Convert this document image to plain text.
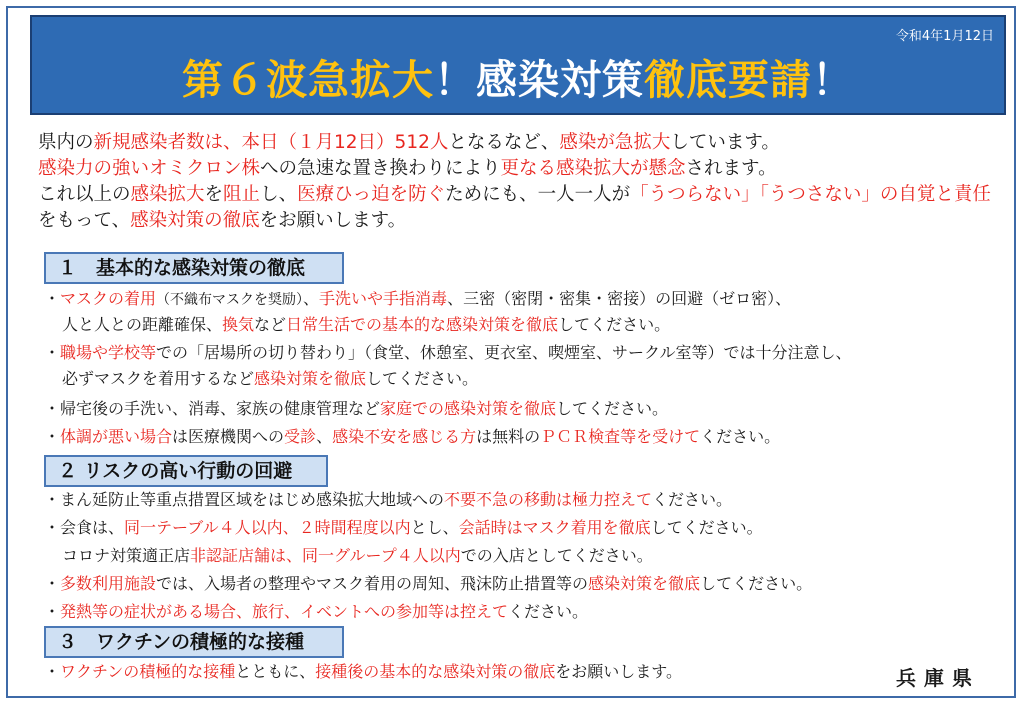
令和4年1月12日
第６波急拡大！感染対策徹底要請！
県内の新規感染者数は、本日（１月12日）512人となるなど、感染が急拡大しています。
感染力の強いオミクロン株への急速な置き換わりにより更なる感染拡大が懸念されます。
これ以上の感染拡大を阻止し、医療ひっ迫を防ぐためにも、一人一人が「うつらない」「うつさない」の自覚と責任をもって、感染対策の徹底をお願いします。
１　基本的な感染対策の徹底
・マスクの着用（不織布マスクを奨励）、手洗いや手指消毒、三密（密閉・密集・密接）の回避（ゼロ密）、
人と人との距離確保、換気など日常生活での基本的な感染対策を徹底してください。
・職場や学校等での「居場所の切り替わり」（食堂、休憩室、更衣室、喫煙室、サークル室等）では十分注意し、
必ずマスクを着用するなど感染対策を徹底してください。
・帰宅後の手洗い、消毒、家族の健康管理など家庭での感染対策を徹底してください。
・体調が悪い場合は医療機関への受診、感染不安を感じる方は無料のＰＣＲ検査等を受けてください。
２ リスクの高い行動の回避
・まん延防止等重点措置区域をはじめ感染拡大地域への不要不急の移動は極力控えてください。
・会食は、同一テーブル４人以内、２時間程度以内とし、会話時はマスク着用を徹底してください。
コロナ対策適正店非認証店舗は、同一グループ４人以内での入店としてください。
・多数利用施設では、入場者の整理やマスク着用の周知、飛沫防止措置等の感染対策を徹底してください。
・発熱等の症状がある場合、旅行、イベントへの参加等は控えてください。
３　ワクチンの積極的な接種
・ワクチンの積極的な接種とともに、接種後の基本的な感染対策の徹底をお願いします。	兵庫県
